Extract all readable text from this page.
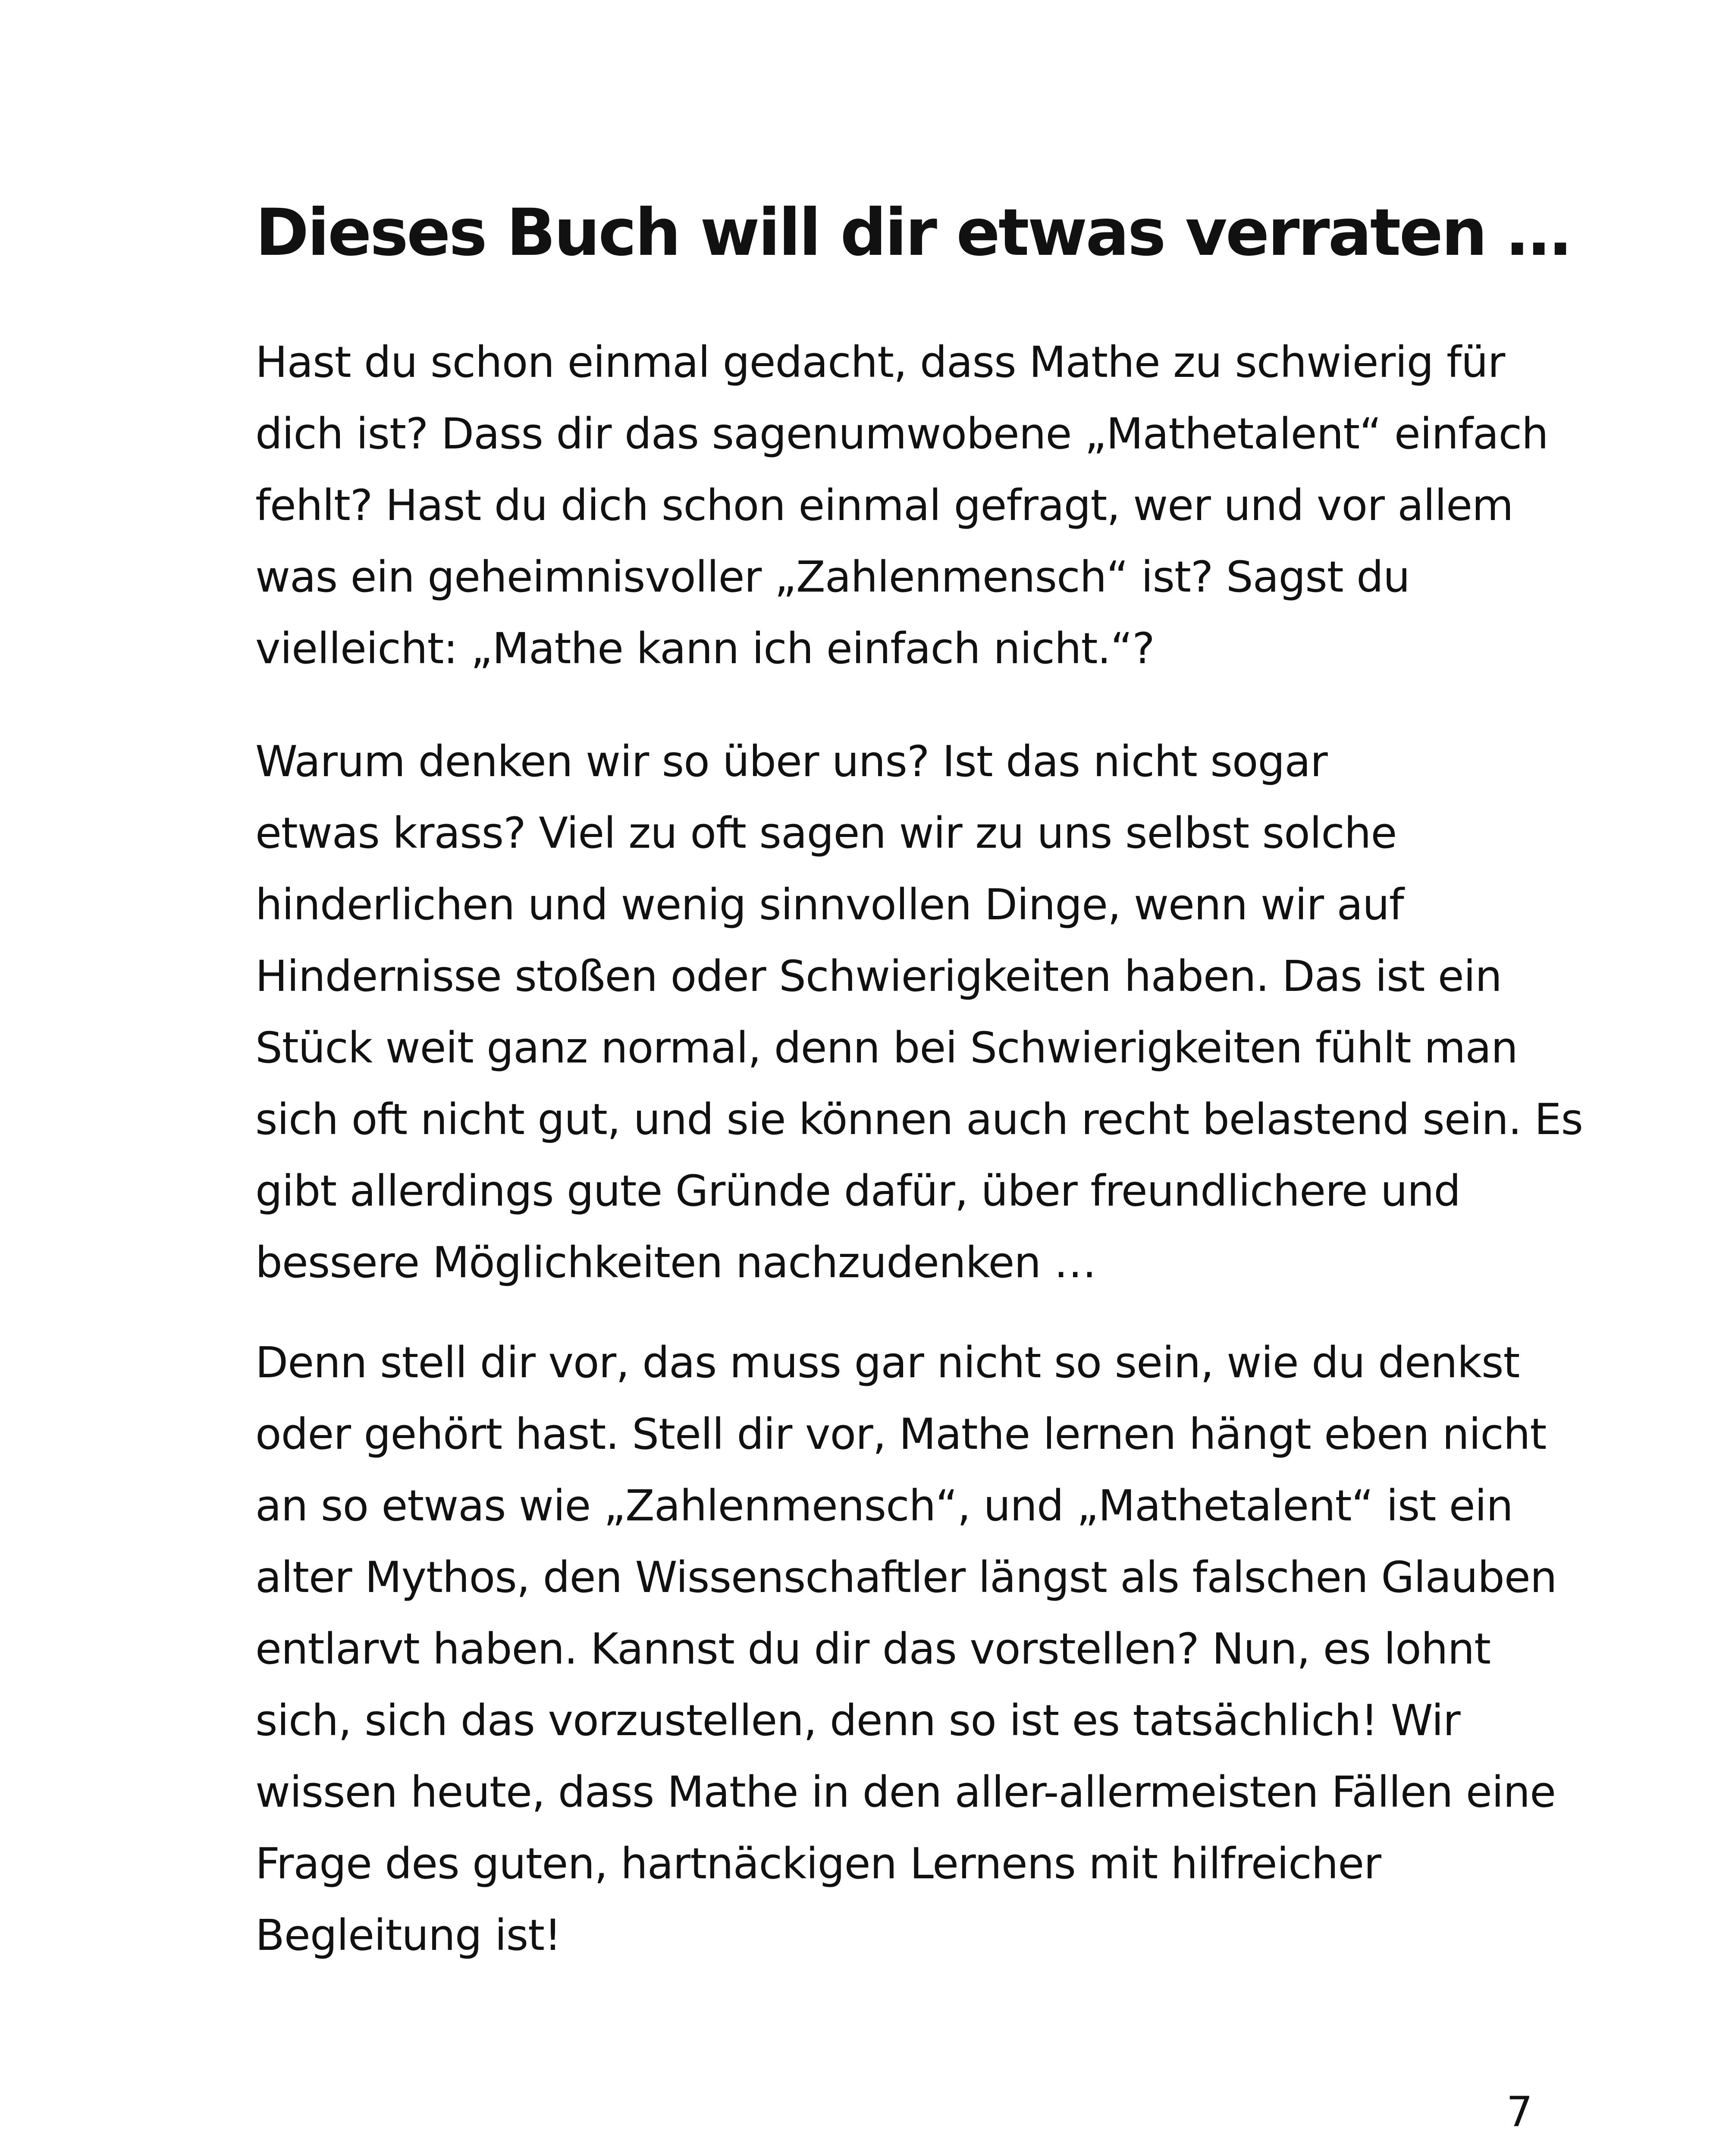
Dieses Buch will dir etwas verraten …
Hast du schon einmal gedacht, dass Mathe zu schwierig für
dich ist? Dass dir das sagenumwobene „Mathetalent“ einfach
fehlt? Hast du dich schon einmal gefragt, wer und vor allem
was ein geheimnisvoller „Zahlenmensch“ ist? Sagst du
vielleicht: „Mathe kann ich einfach nicht.“?
Warum denken wir so über uns? Ist das nicht sogar
etwas krass? Viel zu oft sagen wir zu uns selbst solche
hinderlichen und wenig sinnvollen Dinge, wenn wir auf
Hindernisse stoßen oder Schwierigkeiten haben. Das ist ein
Stück weit ganz normal, denn bei Schwierigkeiten fühlt man
sich oft nicht gut, und sie können auch recht belastend sein. Es
gibt allerdings gute Gründe dafür, über freundlichere und
bessere Möglichkeiten nachzudenken …
Denn stell dir vor, das muss gar nicht so sein, wie du denkst
oder gehört hast. Stell dir vor, Mathe lernen hängt eben nicht
an so etwas wie „Zahlenmensch“, und „Mathetalent“ ist ein
alter Mythos, den Wissenschaftler längst als falschen Glauben
entlarvt haben. Kannst du dir das vorstellen? Nun, es lohnt
sich, sich das vorzustellen, denn so ist es tatsächlich! Wir
wissen heute, dass Mathe in den aller-allermeisten Fällen eine
Frage des guten, hartnäckigen Lernens mit hilfreicher
Begleitung ist!
7
